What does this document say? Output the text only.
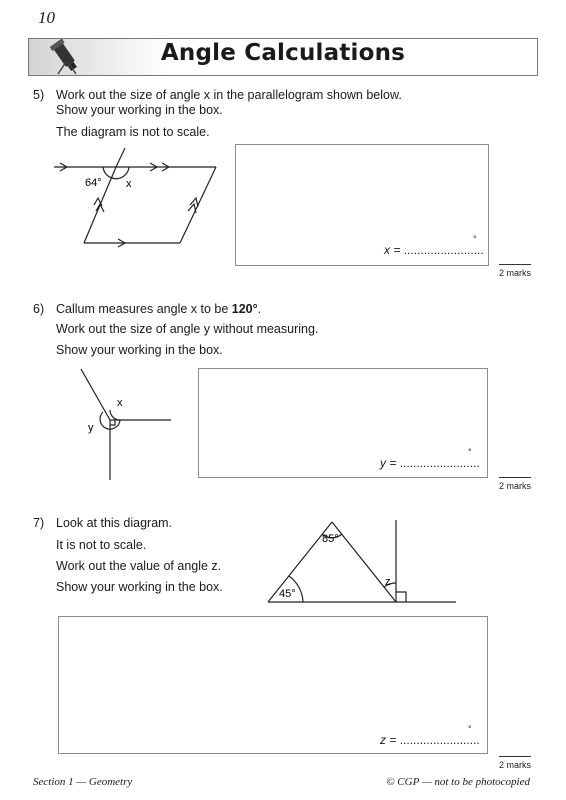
10
Angle Calculations
5) Work out the size of angle x in the parallelogram shown below.
Show your working in the box.
The diagram is not to scale.
64° x
x = ........................
°
2 marks
6) Callum measures angle x to be 120°.
Work out the size of angle y without measuring.
Show your working in the box.
x
y
y = ........................
°
2 marks
7) Look at this diagram.
It is not to scale.
Work out the value of angle z.
Show your working in the box.
85°
45°
z
z = ........................
°
2 marks
Section 1 — Geometry	© CGP — not to be photocopied
